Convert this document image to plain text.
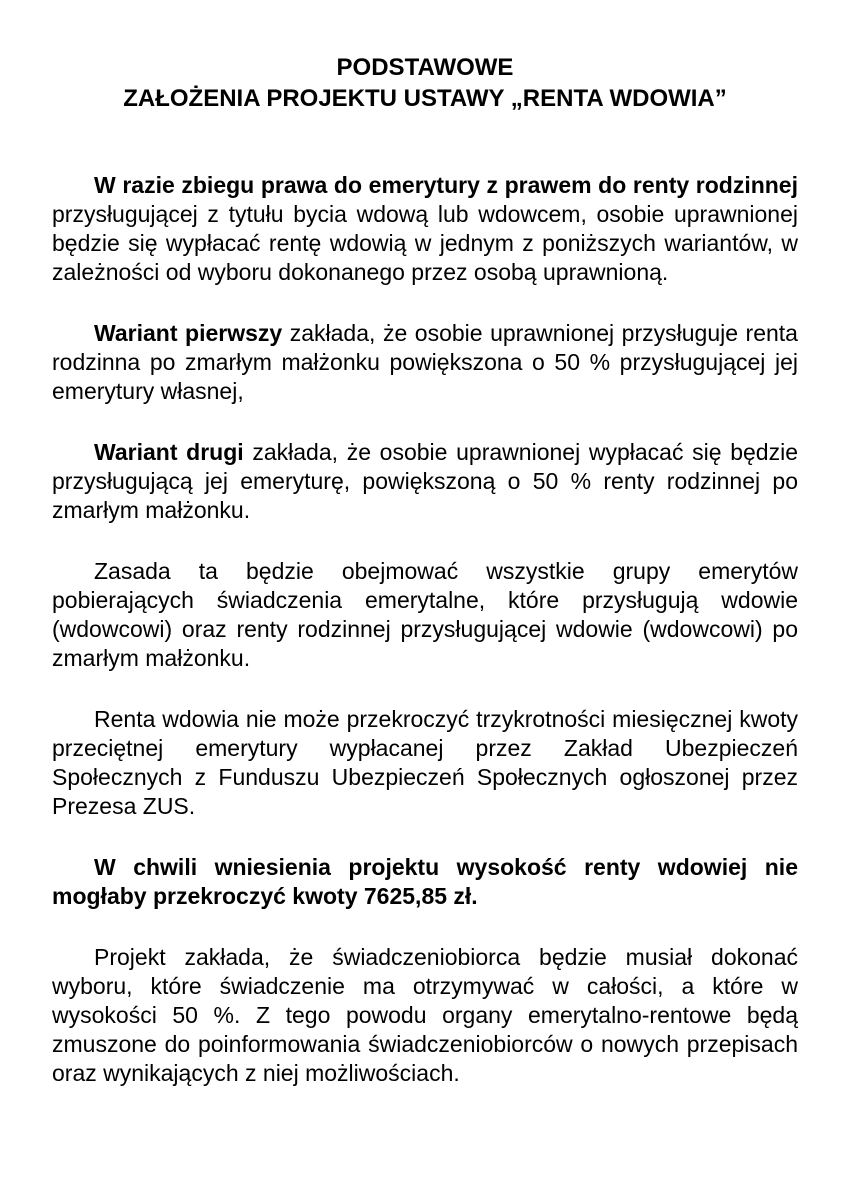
PODSTAWOWE
ZAŁOŻENIA PROJEKTU USTAWY „RENTA WDOWIA”

W razie zbiegu prawa do emerytury z prawem do renty rodzinnej przysługującej z tytułu bycia wdową lub wdowcem, osobie uprawnionej będzie się wypłacać rentę wdowią w jednym z poniższych wariantów, w zależności od wyboru dokonanego przez osobą uprawnioną.

Wariant pierwszy zakłada, że osobie uprawnionej przysługuje renta rodzinna po zmarłym małżonku powiększona o 50 % przysługującej jej emerytury własnej,

Wariant drugi zakłada, że osobie uprawnionej wypłacać się będzie przysługującą jej emeryturę, powiększoną o 50 % renty rodzinnej po zmarłym małżonku.

Zasada ta będzie obejmować wszystkie grupy emerytów pobierających świadczenia emerytalne, które przysługują wdowie (wdowcowi) oraz renty rodzinnej przysługującej wdowie (wdowcowi) po zmarłym małżonku.

Renta wdowia nie może przekroczyć trzykrotności miesięcznej kwoty przeciętnej emerytury wypłacanej przez Zakład Ubezpieczeń Społecznych z Funduszu Ubezpieczeń Społecznych ogłoszonej przez Prezesa ZUS.

W chwili wniesienia projektu wysokość renty wdowiej nie mogłaby przekroczyć kwoty 7625,85 zł.

Projekt zakłada, że świadczeniobiorca będzie musiał dokonać wyboru, które świadczenie ma otrzymywać w całości, a które w wysokości 50 %. Z tego powodu organy emerytalno-rentowe będą zmuszone do poinformowania świadczeniobiorców o nowych przepisach oraz wynikających z niej możliwościach.
